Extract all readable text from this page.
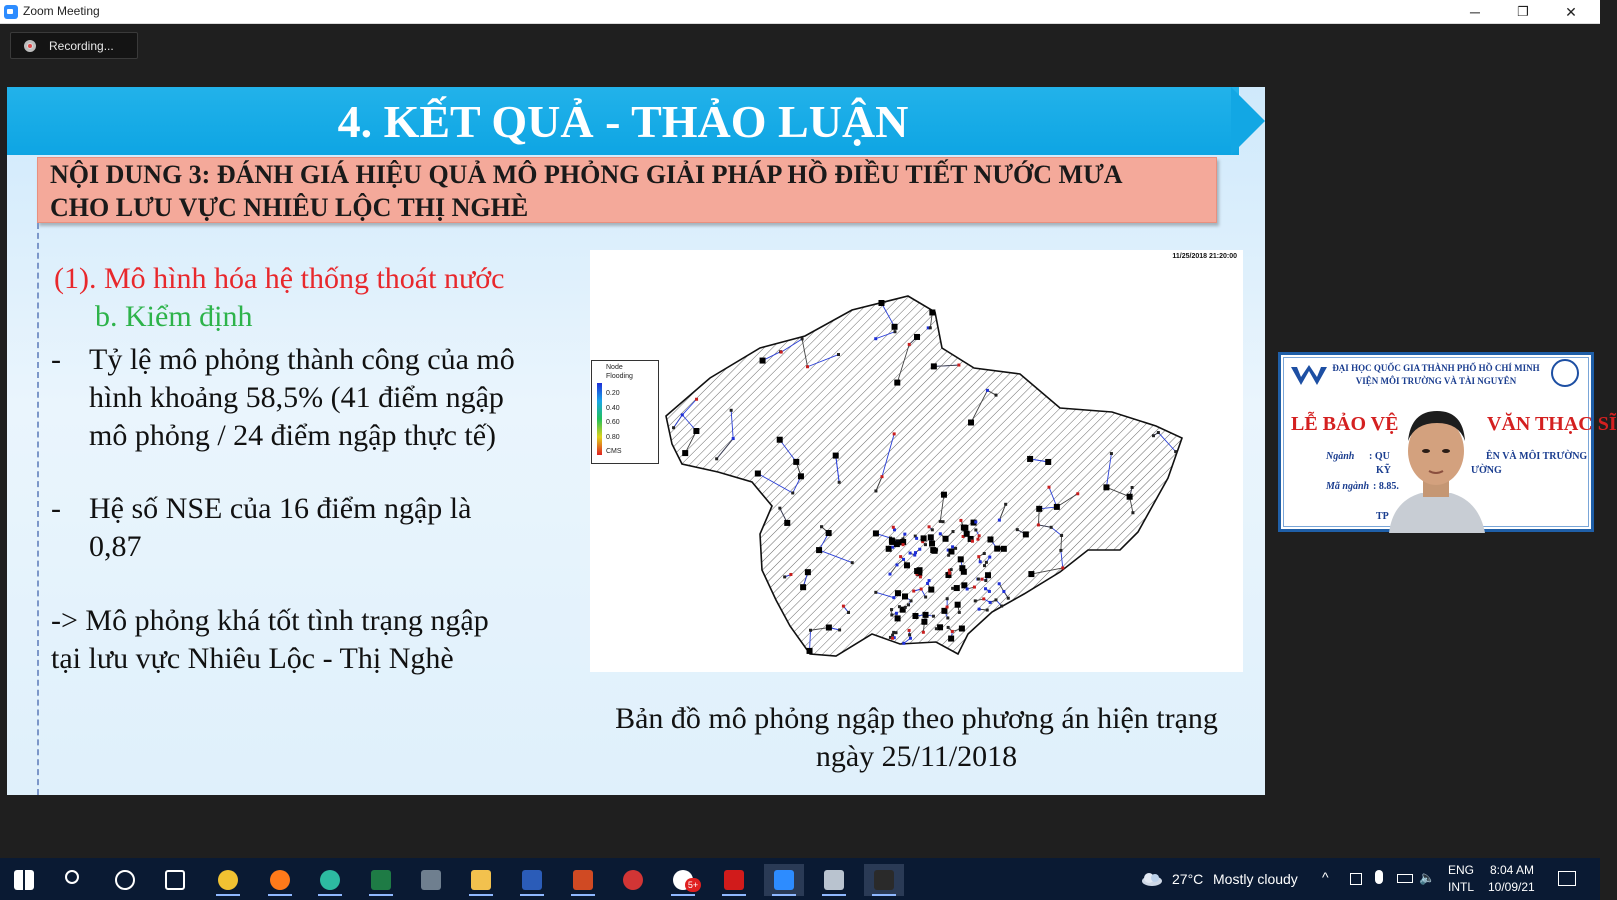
Zoom Meeting	─	❐	✕
Recording...
4. KẾT QUẢ - THẢO LUẬN
NỘI DUNG 3: ĐÁNH GIÁ HIỆU QUẢ MÔ PHỎNG GIẢI PHÁP HỒ ĐIỀU TIẾT NƯỚC MƯA
CHO LƯU VỰC NHIÊU LỘC THỊ NGHÈ
(1). Mô hình hóa hệ thống thoát nước
b. Kiểm định
- Tỷ lệ mô phỏng thành công của mô
hình khoảng 58,5% (41 điểm ngập
mô phỏng / 24 điểm ngập thực tế)
- Hệ số NSE của 16 điểm ngập là
0,87
-> Mô phỏng khá tốt tình trạng ngập
tại lưu vực Nhiêu Lộc - Thị Nghè
11/25/2018 21:20:00
Node
Flooding
0.20
0.40
0.60
0.80
CMS
Bản đồ mô phỏng ngập theo phương án hiện trạng
ngày 25/11/2018
ĐẠI HỌC QUỐC GIA THÀNH PHỐ HỒ CHÍ MINH
VIỆN MÔI TRƯỜNG VÀ TÀI NGUYÊN
LỄ BẢO VỆ	VĂN THẠC SĨ
Ngành : QU	ÊN VÀ MÔI TRƯỜNG
KỸ	ƯỜNG
Mã ngành : 8.85.
TP
5+	27°C Mostly cloudy ^	🔈 ENG
INTL
8:04 AM
10/09/21
